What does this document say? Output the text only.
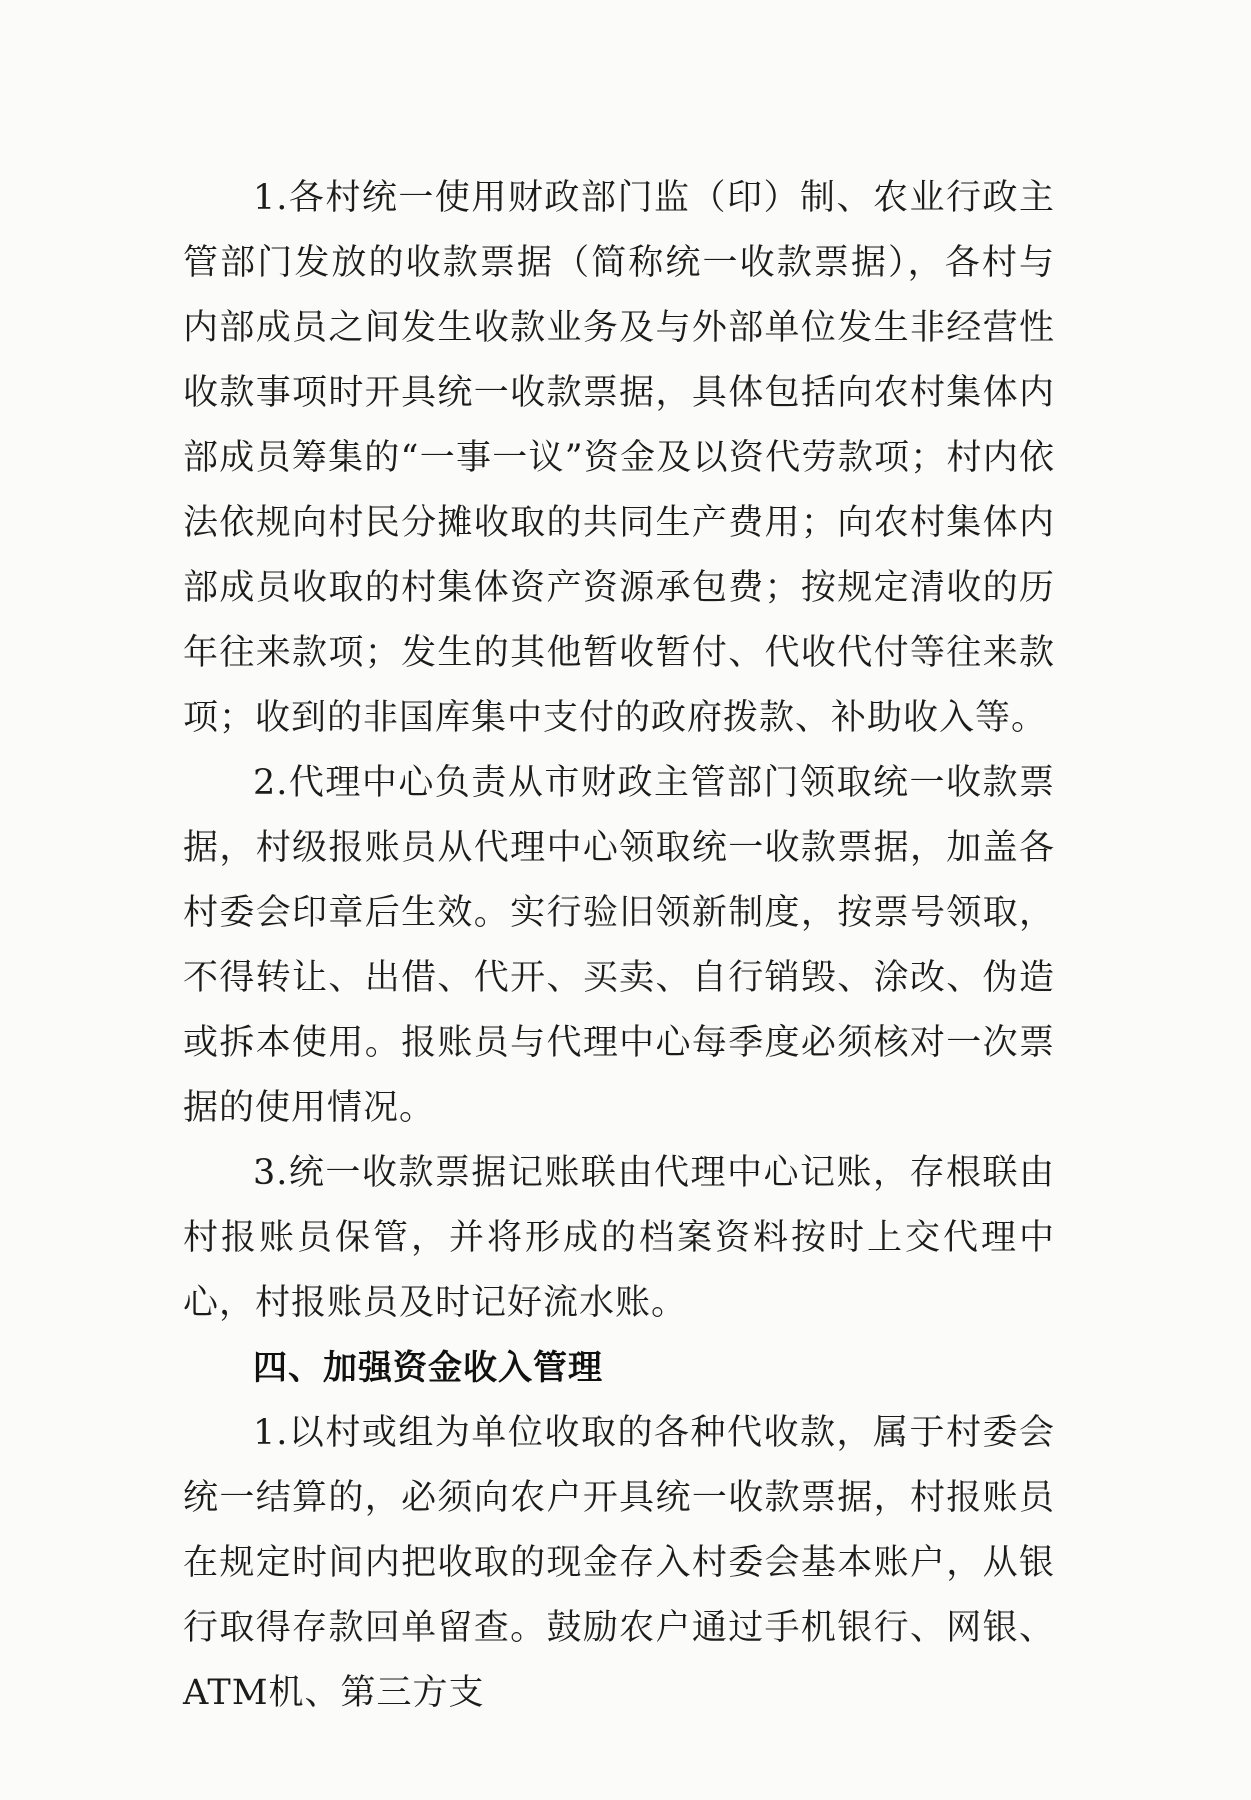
1.各村统一使用财政部门监（印）制、农业行政主管部门发放的收款票据（简称统一收款票据），各村与内部成员之间发生收款业务及与外部单位发生非经营性收款事项时开具统一收款票据，具体包括向农村集体内部成员筹集的“一事一议”资金及以资代劳款项；村内依法依规向村民分摊收取的共同生产费用；向农村集体内部成员收取的村集体资产资源承包费；按规定清收的历年往来款项；发生的其他暂收暂付、代收代付等往来款项；收到的非国库集中支付的政府拨款、补助收入等。

2.代理中心负责从市财政主管部门领取统一收款票据，村级报账员从代理中心领取统一收款票据，加盖各村委会印章后生效。实行验旧领新制度，按票号领取，不得转让、出借、代开、买卖、自行销毁、涂改、伪造或拆本使用。报账员与代理中心每季度必须核对一次票据的使用情况。

3.统一收款票据记账联由代理中心记账，存根联由村报账员保管，并将形成的档案资料按时上交代理中心，村报账员及时记好流水账。

四、加强资金收入管理

1.以村或组为单位收取的各种代收款，属于村委会统一结算的，必须向农户开具统一收款票据，村报账员在规定时间内把收取的现金存入村委会基本账户，从银行取得存款回单留查。鼓励农户通过手机银行、网银、ATM机、第三方支
